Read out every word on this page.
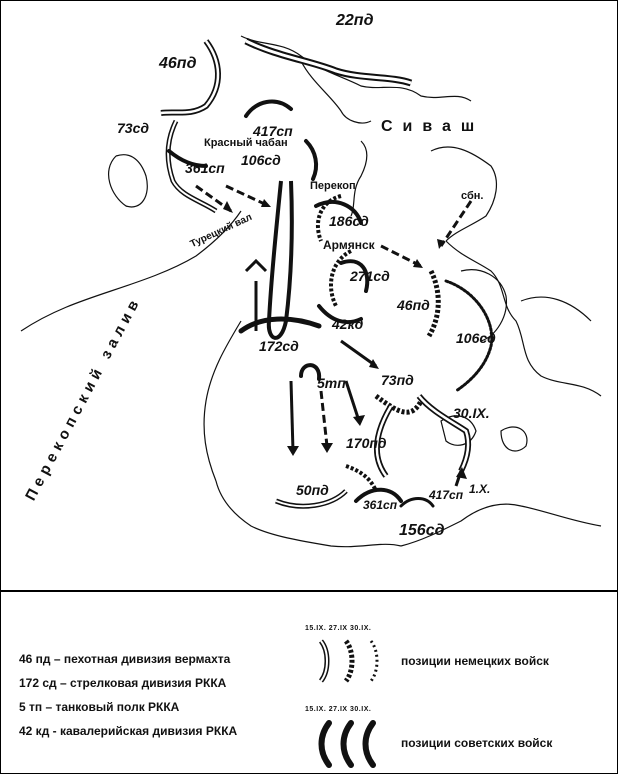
22пд
46пд
73сд	417сп
Красный чабан
106сд
361сп
Перекоп
186сд
Армянск
Турецкий вал
271сд
42кд
46пд
106сд
172сд
5тп	73пд
30.IX.
170пд
50пд
361сп
417сп 1.Х.
156сд
сбн.
Сиваш
Перекопский залив
46 пд – пехотная дивизия вермахта
172 сд – стрелковая дивизия РККА
5 тп – танковый полк РККА
42 кд - кавалерийская дивизия РККА
15.IX. 27.IX 30.IX.
позиции немецких войск
15.IX. 27.IX 30.IX.
позиции советских войск
